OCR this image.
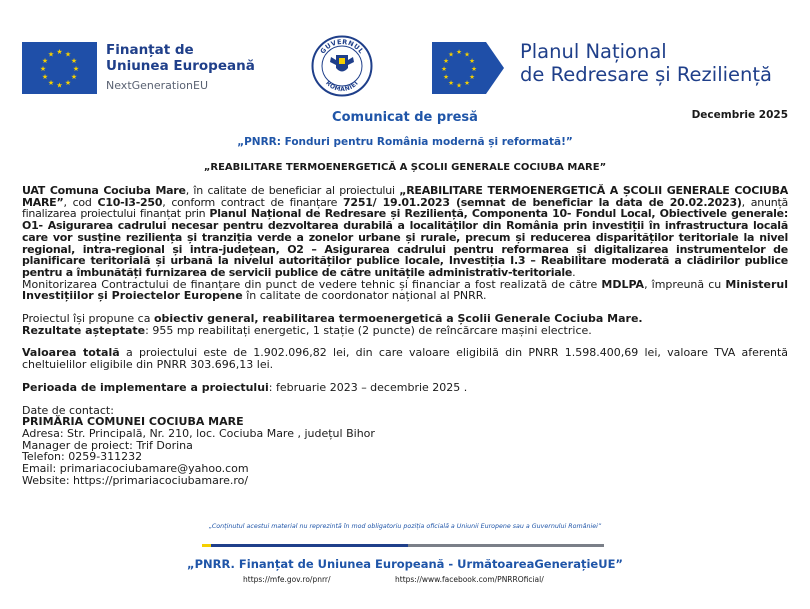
★ ★
★
★
★
★
★
★
★
★
★
★	Finanțat de
Uniunea Europeană
NextGenerationEU
GUVERNUL
ROMÂNIEI
★ ★
★
★
★
★
★
★
★
★
★
★	Planul Național
de Redresare și Reziliență
Comunicat de presă	Decembrie 2025
„PNRR: Fonduri pentru România modernă și reformată!”
„REABILITARE TERMOENERGETICĂ A ȘCOLII GENERALE COCIUBA MARE”

UAT Comuna Cociuba Mare, în calitate de beneficiar al proiectului „REABILITARE TERMOENERGETICĂ A ȘCOLII GENERALE COCIUBA MARE”, cod C10-I3-250, conform contract de finanțare 7251/ 19.01.2023 (semnat de beneficiar la data de 20.02.2023), anunță finalizarea proiectului finanțat prin Planul Național de Redresare și Reziliență, Componenta 10- Fondul Local, Obiectivele generale: O1- Asigurarea cadrului necesar pentru dezvoltarea durabilă a localităților din România prin investiții în infrastructura locală care vor susține reziliența și tranziția verde a zonelor urbane și rurale, precum și reducerea disparităților teritoriale la nivel regional, intra-regional și intra-județean, O2 – Asigurarea cadrului pentru reformarea și digitalizarea instrumentelor de planificare teritorială și urbană la nivelul autorităților publice locale, Investiția I.3 – Reabilitare moderată a clădirilor publice pentru a îmbunătăți furnizarea de servicii publice de către unitățile administrativ-teritoriale.

Monitorizarea Contractului de finanțare din punct de vedere tehnic și financiar a fost realizată de către MDLPA, împreună cu Ministerul Investițiilor și Proiectelor Europene în calitate de coordonator național al PNRR.

Proiectul își propune ca obiectiv general, reabilitarea termoenergetică a Școlii Generale Cociuba Mare.

Rezultate așteptate: 955 mp reabilitați energetic, 1 stație (2 puncte) de reîncărcare mașini electrice.

Valoarea totală a proiectului este de 1.902.096,82 lei, din care valoare eligibilă din PNRR 1.598.400,69 lei, valoare TVA aferentă cheltuielilor eligibile din PNRR 303.696,13 lei.

Perioada de implementare a proiectului: februarie 2023 – decembrie 2025 .

Date de contact:

PRIMĂRIA COMUNEI COCIUBA MARE

Adresa: Str. Principală, Nr. 210, loc. Cociuba Mare , județul Bihor

Manager de proiect: Trif Dorina

Telefon: 0259-311232

Email: primariacociubamare@yahoo.com

Website: https://primariacociubamare.ro/

„Conținutul acestui material nu reprezintă în mod obligatoriu poziția oficială a Uniunii Europene sau a Guvernului României”
„PNRR. Finanțat de Uniunea Europeană - UrmătoareaGenerațieUE”
https://mfe.gov.ro/pnrr/	https://www.facebook.com/PNRROficial/
